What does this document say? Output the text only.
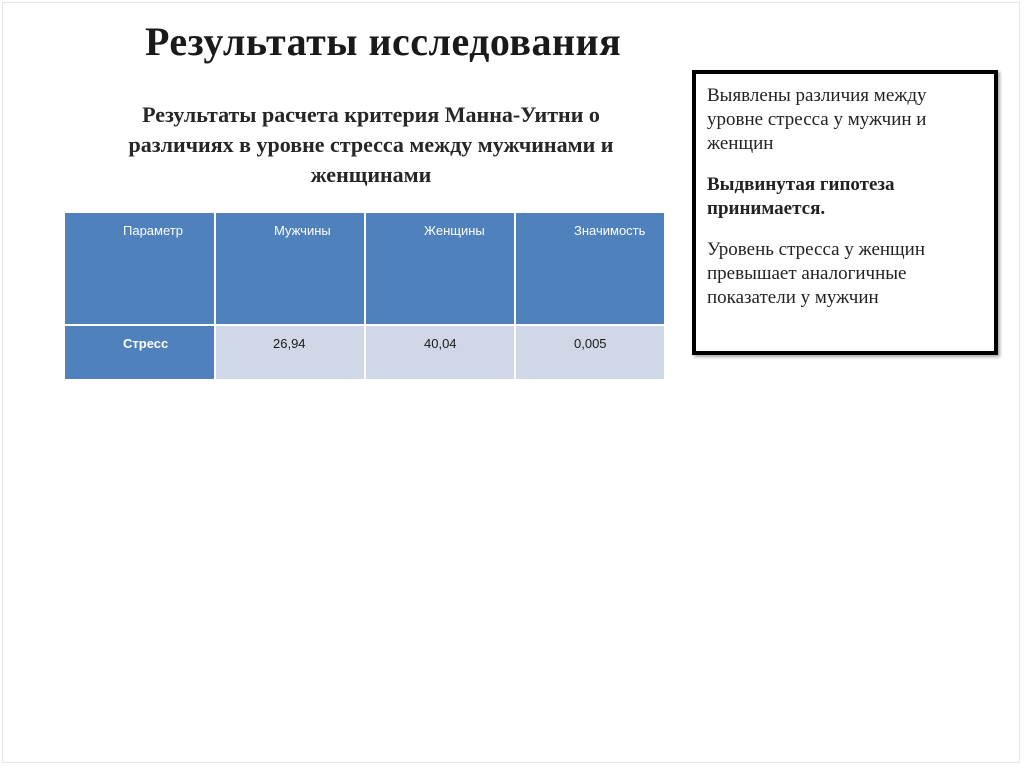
Результаты исследования
Результаты расчета критерия Манна-Уитни о различиях в уровне стресса между мужчинами и женщинами
Параметр	Мужчины	Женщины	Значимость
Стресс	26,94	40,04	0,005

Выявлены различия между уровне стресса у мужчин и женщин

Выдвинутая гипотеза принимается.

Уровень стресса у женщин превышает аналогичные показатели у мужчин
